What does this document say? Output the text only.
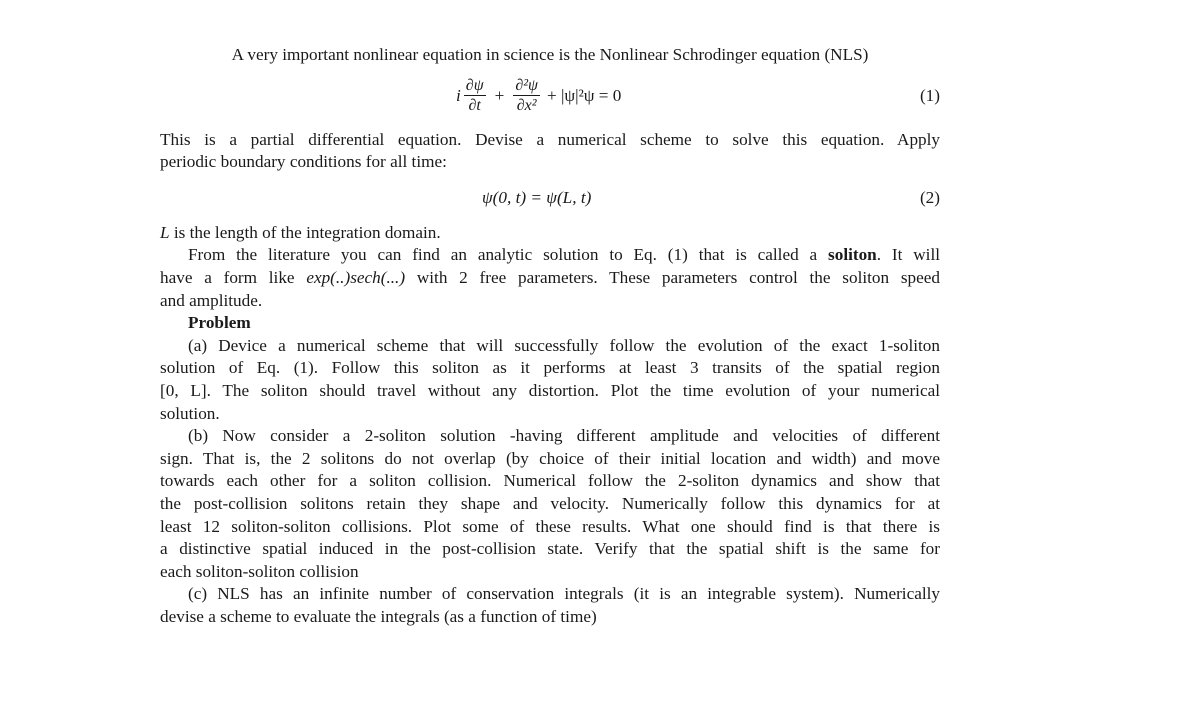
A very important nonlinear equation in science is the Nonlinear Schrodinger equation (NLS)
i $\frac{\partial\psi}{\partial t} + \frac{\text{∂²ψ}}{\text{∂x²}} + |\psi|^2\psi = 0$	(1)
This is a partial differential equation. Devise a numerical scheme to solve this equation. Apply
periodic boundary conditions for all time:
ψ(0, t) = ψ(L, t)	(2)
L is the length of the integration domain.
From the literature you can find an analytic solution to Eq. (1) that is called a soliton. It will
have a form like exp(..)sech(...) with 2 free parameters. These parameters control the soliton speed
and amplitude.
Problem
(a) Device a numerical scheme that will successfully follow the evolution of the exact 1-soliton
solution of Eq. (1). Follow this soliton as it performs at least 3 transits of the spatial region
[0, L]. The soliton should travel without any distortion. Plot the time evolution of your numerical
solution.
(b) Now consider a 2-soliton solution -having different amplitude and velocities of different
sign. That is, the 2 solitons do not overlap (by choice of their initial location and width) and move
towards each other for a soliton collision. Numerical follow the 2-soliton dynamics and show that
the post-collision solitons retain they shape and velocity. Numerically follow this dynamics for at
least 12 soliton-soliton collisions. Plot some of these results. What one should find is that there is
a distinctive spatial induced in the post-collision state. Verify that the spatial shift is the same for
each soliton-soliton collision
(c) NLS has an infinite number of conservation integrals (it is an integrable system). Numerically
devise a scheme to evaluate the integrals (as a function of time)
